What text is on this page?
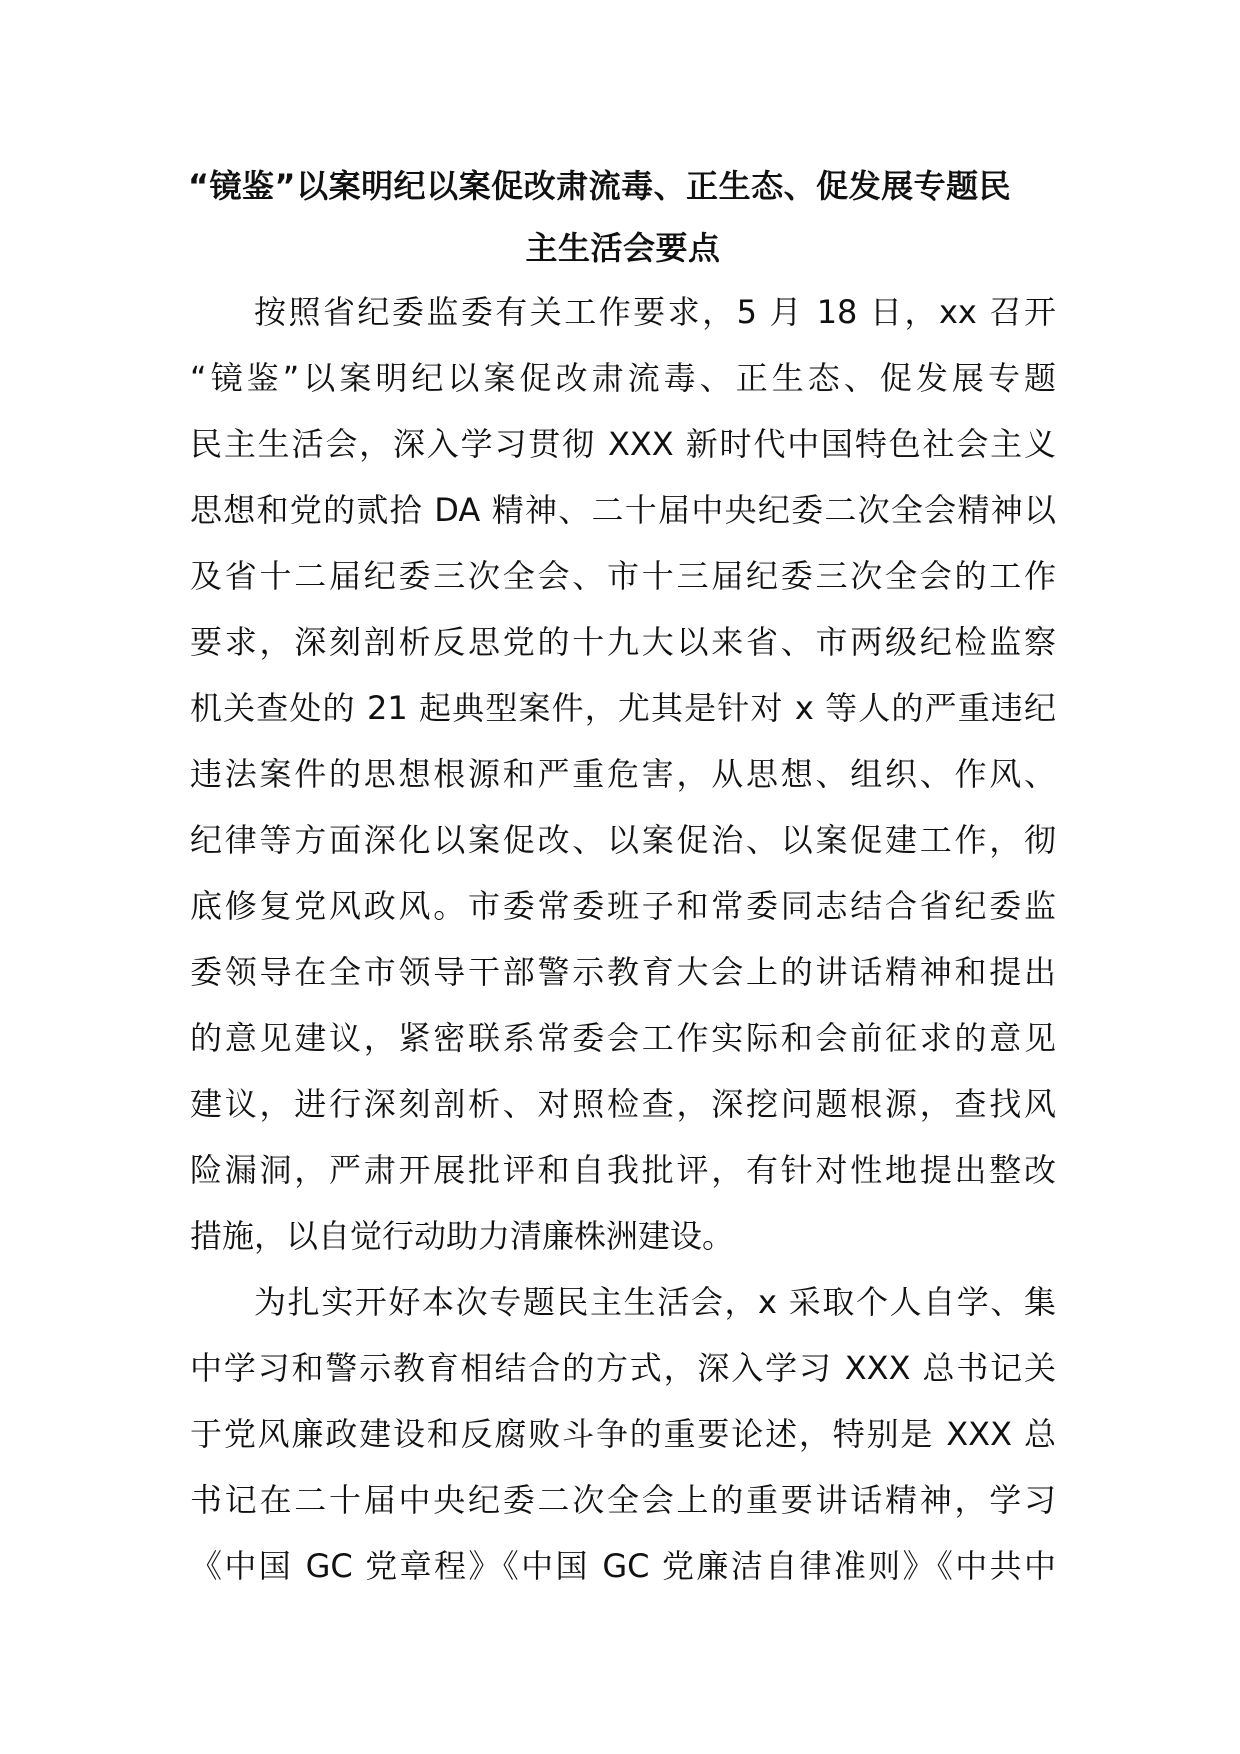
“镜鉴”以案明纪以案促改肃流毒、正生态、促发展专题民
主生活会要点
按照省纪委监委有关工作要求，5 月 18 日，xx 召开
“镜鉴”以案明纪以案促改肃流毒、正生态、促发展专题
民主生活会，深入学习贯彻 XXX 新时代中国特色社会主义
思想和党的贰拾 DA 精神、二十届中央纪委二次全会精神以
及省十二届纪委三次全会、市十三届纪委三次全会的工作
要求，深刻剖析反思党的十九大以来省、市两级纪检监察
机关查处的 21 起典型案件，尤其是针对 x 等人的严重违纪
违法案件的思想根源和严重危害，从思想、组织、作风、
纪律等方面深化以案促改、以案促治、以案促建工作，彻
底修复党风政风。市委常委班子和常委同志结合省纪委监
委领导在全市领导干部警示教育大会上的讲话精神和提出
的意见建议，紧密联系常委会工作实际和会前征求的意见
建议，进行深刻剖析、对照检查，深挖问题根源，查找风
险漏洞，严肃开展批评和自我批评，有针对性地提出整改
措施，以自觉行动助力清廉株洲建设。
为扎实开好本次专题民主生活会，x 采取个人自学、集
中学习和警示教育相结合的方式，深入学习 XXX 总书记关
于党风廉政建设和反腐败斗争的重要论述，特别是 XXX 总
书记在二十届中央纪委二次全会上的重要讲话精神，学习
《中国 GC 党章程》《中国 GC 党廉洁自律准则》《中共中
